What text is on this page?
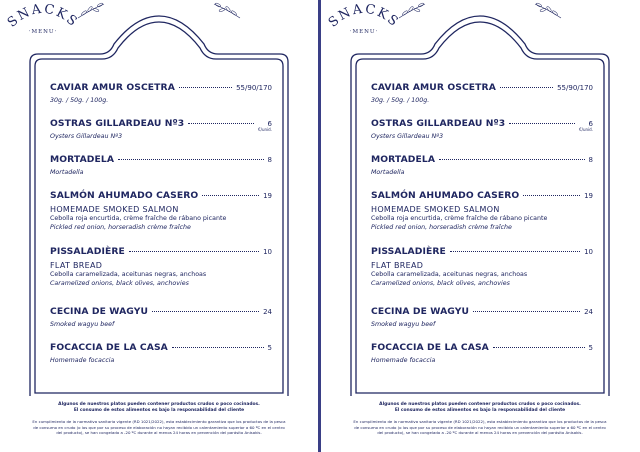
SNACKS
·MENU·
CAVIAR AMUR OSCETRA	55/90/170
30g. / 50g. / 100g.
OSTRAS GILLARDEAU Nº3	6
€/unid.
Oysters Gillardeau Nº3
MORTADELA	8
Mortadella
SALMÓN AHUMADO CASERO	19
HOMEMADE SMOKED SALMON
Cebolla roja encurtida, crème fraîche de rábano picante
Pickled red onion, horseradish crème fraîche
PISSALADIÈRE	10
FLAT BREAD
Cebolla caramelizada, aceitunas negras, anchoas
Caramelized onions, black olives, anchovies
CECINA DE WAGYU	24
Smoked wagyu beef
FOCACCIA DE LA CASA	5
Homemade focaccia
Algunos de nuestros platos pueden contener productos crudos o poco cocinados.
El consumo de estos alimentos es bajo la responsabilidad del cliente
En cumplimiento de la normativa sanitaria vigente (RD 1021/2022), esta establecimiento garantiza que los productos de la pesca
de consumo en crudo (o los que por su proceso de elaboración no hayan recibido un calentamiento superior a 60 ºC en el centro
del producto), se han congelado a -20 ºC durante al menos 24 horas en prevención del parásito Anisakis.
SNACKS
·MENU·
CAVIAR AMUR OSCETRA	55/90/170
30g. / 50g. / 100g.
OSTRAS GILLARDEAU Nº3	6
€/unid.
Oysters Gillardeau Nº3
MORTADELA	8
Mortadella
SALMÓN AHUMADO CASERO	19
HOMEMADE SMOKED SALMON
Cebolla roja encurtida, crème fraîche de rábano picante
Pickled red onion, horseradish crème fraîche
PISSALADIÈRE	10
FLAT BREAD
Cebolla caramelizada, aceitunas negras, anchoas
Caramelized onions, black olives, anchovies
CECINA DE WAGYU	24
Smoked wagyu beef
FOCACCIA DE LA CASA	5
Homemade focaccia
Algunos de nuestros platos pueden contener productos crudos o poco cocinados.
El consumo de estos alimentos es bajo la responsabilidad del cliente
En cumplimiento de la normativa sanitaria vigente (RD 1021/2022), esta establecimiento garantiza que los productos de la pesca
de consumo en crudo (o los que por su proceso de elaboración no hayan recibido un calentamiento superior a 60 ºC en el centro
del producto), se han congelado a -20 ºC durante al menos 24 horas en prevención del parásito Anisakis.
